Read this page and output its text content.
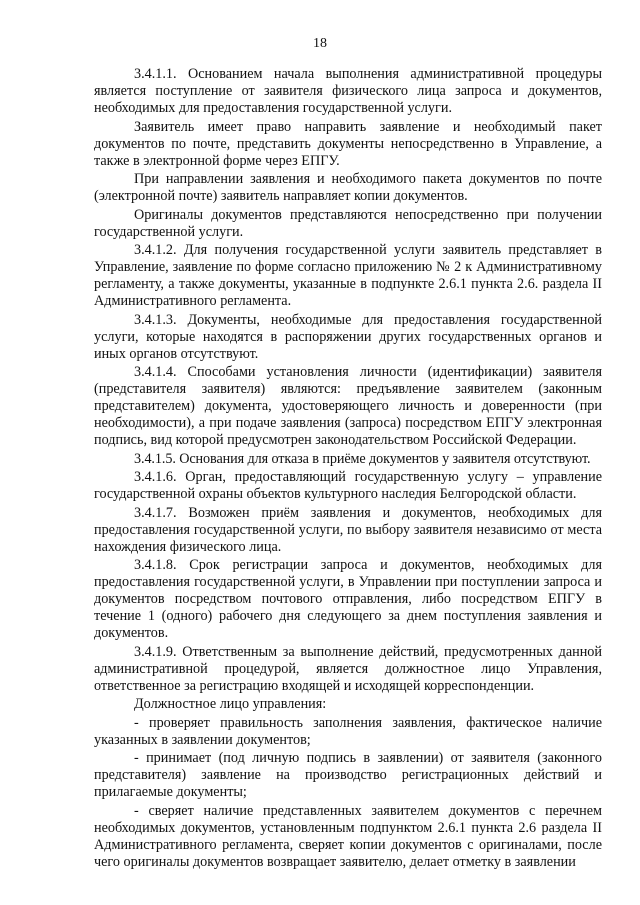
18

3.4.1.1. Основанием начала выполнения административной процедуры является поступление от заявителя физического лица запроса и документов, необходимых для предоставления государственной услуги.

Заявитель имеет право направить заявление и необходимый пакет документов по почте, представить документы непосредственно в Управление, а также в электронной форме через ЕПГУ.

При направлении заявления и необходимого пакета документов по почте (электронной почте) заявитель направляет копии документов.

Оригиналы документов представляются непосредственно при получении государственной услуги.

3.4.1.2. Для получения государственной услуги заявитель представляет в Управление, заявление по форме согласно приложению № 2 к Административному регламенту, а также документы, указанные в подпункте 2.6.1 пункта 2.6. раздела II Административного регламента.

3.4.1.3. Документы, необходимые для предоставления государственной услуги, которые находятся в распоряжении других государственных органов и иных органов отсутствуют.

3.4.1.4. Способами установления личности (идентификации) заявителя (представителя заявителя) являются: предъявление заявителем (законным представителем) документа, удостоверяющего личность и доверенности (при необходимости), а при подаче заявления (запроса) посредством ЕПГУ электронная подпись, вид которой предусмотрен законодательством Российской Федерации.

3.4.1.5. Основания для отказа в приёме документов у заявителя отсутствуют.

3.4.1.6. Орган, предоставляющий государственную услугу – управление государственной охраны объектов культурного наследия Белгородской области.

3.4.1.7. Возможен приём заявления и документов, необходимых для предоставления государственной услуги, по выбору заявителя независимо от места нахождения физического лица.

3.4.1.8. Срок регистрации запроса и документов, необходимых для предоставления государственной услуги, в Управлении при поступлении запроса и документов посредством почтового отправления, либо посредством ЕПГУ в течение 1 (одного) рабочего дня следующего за днем поступления заявления и документов.

3.4.1.9. Ответственным за выполнение действий, предусмотренных данной административной процедурой, является должностное лицо Управления, ответственное за регистрацию входящей и исходящей корреспонденции.

Должностное лицо управления:

- проверяет правильность заполнения заявления, фактическое наличие указанных в заявлении документов;

- принимает (под личную подпись в заявлении) от заявителя (законного представителя) заявление на производство регистрационных действий и прилагаемые документы;

- сверяет наличие представленных заявителем документов с перечнем необходимых документов, установленным подпунктом 2.6.1 пункта 2.6 раздела II Административного регламента, сверяет копии документов с оригиналами, после чего оригиналы документов возвращает заявителю, делает отметку в заявлении
